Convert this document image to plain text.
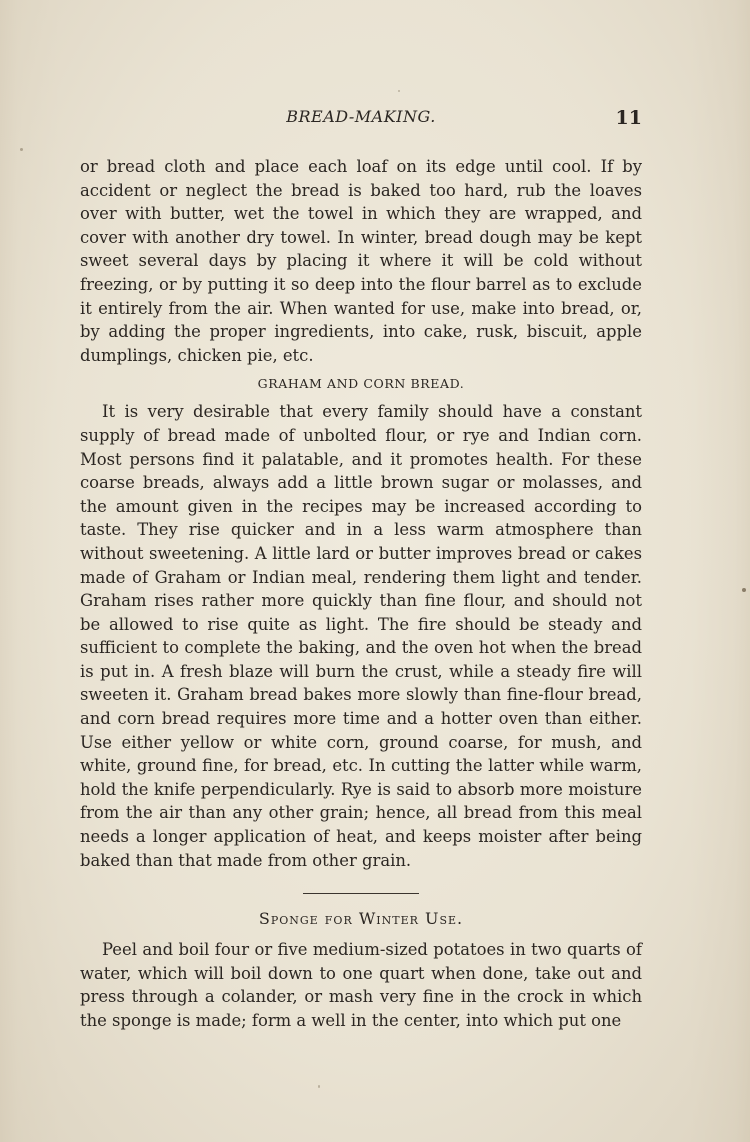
BREAD-MAKING.	11

or bread cloth and place each loaf on its edge until cool. If by accident or neglect the bread is baked too hard, rub the loaves over with butter, wet the towel in which they are wrapped, and cover with another dry towel. In winter, bread dough may be kept sweet several days by placing it where it will be cold without freezing, or by putting it so deep into the flour barrel as to exclude it entirely from the air. When wanted for use, make into bread, or, by adding the proper ingredients, into cake, rusk, biscuit, apple dumplings, chicken pie, etc.

GRAHAM AND CORN BREAD.

It is very desirable that every family should have a constant supply of bread made of unbolted flour, or rye and Indian corn. Most persons find it palatable, and it promotes health. For these coarse breads, always add a little brown sugar or molasses, and the amount given in the recipes may be increased according to taste. They rise quicker and in a less warm atmosphere than without sweetening. A little lard or butter improves bread or cakes made of Graham or Indian meal, rendering them light and tender. Graham rises rather more quickly than fine flour, and should not be allowed to rise quite as light. The fire should be steady and sufficient to complete the baking, and the oven hot when the bread is put in. A fresh blaze will burn the crust, while a steady fire will sweeten it. Graham bread bakes more slowly than fine-flour bread, and corn bread requires more time and a hotter oven than either. Use either yellow or white corn, ground coarse, for mush, and white, ground fine, for bread, etc. In cutting the latter while warm, hold the knife perpendicularly. Rye is said to absorb more moisture from the air than any other grain; hence, all bread from this meal needs a longer application of heat, and keeps moister after being baked than that made from other grain.

Sponge for Winter Use.

Peel and boil four or five medium-sized potatoes in two quarts of water, which will boil down to one quart when done, take out and press through a colander, or mash very fine in the crock in which the sponge is made; form a well in the center, into which put one
